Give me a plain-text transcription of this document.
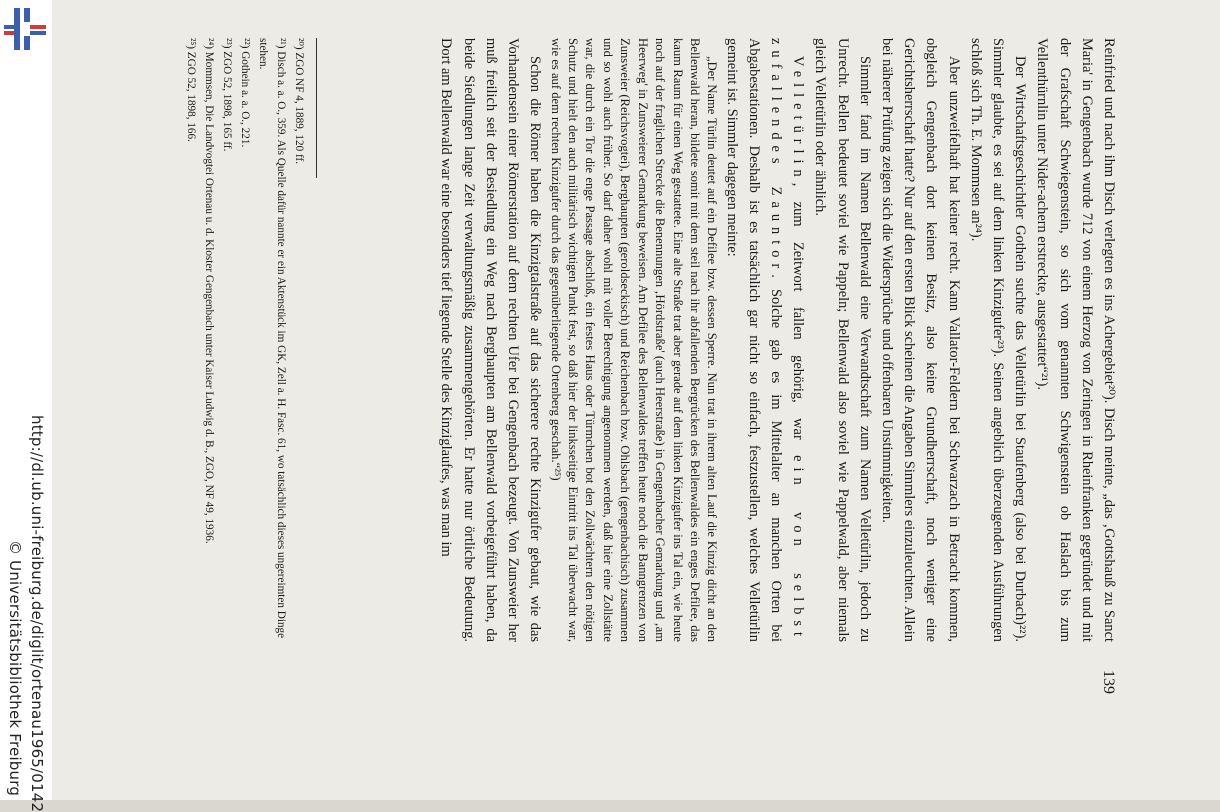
http://dl.ub.uni-freiburg.de/diglit/ortenau1965/0142
© Universitätsbibliothek Freiburg

Reinfried und nach ihm Disch verlegten es ins Achergebiet²⁰). Disch meinte, „das ‚Gottshauß zu Sanct Maria' in Gengenbach wurde 712 von einem Herzog von Zeringen in Rheinfranken gegründet und mit der Grafschaft Schwiegenstein, so sich vom genannten Schwigenstein ob Haslach bis zum Vellenthürnlin unter Nider-achern erstreckte, ausgestattet“²¹).

Der Wirtschaftsgeschichtler Gothein suchte das Velletürlin bei Staufenberg (also bei Durbach)²²). Simmler glaubte, es sei auf dem linken Kinzigufer²³). Seinen angeblich überzeugenden Ausführungen schloß sich Th. E. Mommsen an²⁴).

Aber unzweifelhaft hat keiner recht. Kann Vallator-Feldern bei Schwarzach in Betracht kommen, obgleich Gengenbach dort keinen Besitz, also keine Grundherrschaft, noch weniger eine Gerichtsherrschaft hatte? Nur auf den ersten Blick scheinen die Angaben Simmlers einzuleuchten. Allein bei näherer Prüfung zeigen sich die Widersprüche und offenbaren Unstimmigkeiten.

Simmler fand im Namen Bellenwald eine Verwandtschaft zum Namen Velletürlin, jedoch zu Unrecht. Bellen bedeutet soviel wie Pappeln; Bellenwald also soviel wie Pappelwald, aber niemals gleich Velletürlin oder ähnlich.

Velletürlin, zum Zeitwort fallen gehörig, war ein von selbst zufallendes Zauntor. Solche gab es im Mittelalter an manchen Orten bei Abgabestationen. Deshalb ist es tatsächlich gar nicht so einfach, festzustellen, welches Velletürlin gemeint ist. Simmler dagegen meinte:

„Der Name Türlin deutet auf ein Defilee bzw. dessen Sperre. Nun trat in ihrem alten Lauf die Kinzig dicht an den Bellenwald heran, bildete somit mit dem steil nach ihr abfallenden Bergrücken des Bellenwaldes ein enges Defilee, das kaum Raum für einen Weg gestattete. Eine alte Straße trat aber gerade auf dem linken Kinzigufer ins Tal ein, wie heute noch auf der fraglichen Strecke die Benennungen ‚Hördstraße' (auch Heerstraße) in Gengenbacher Gemarkung und ‚am Heerweg' in Zunsweierer Gemarkung beweisen. Am Defilee des Bellenwaldes treffen heute noch die Banngrenzen von Zunsweier (Reichsvogtei), Berghaupten (geroldseckisch) und Reichenbach bzw. Ohlsbach (gengenbachisch) zusammen und so wohl auch früher. So darf daher wohl mit voller Berechtigung angenommen werden, daß hier eine Zollstätte war, die durch ein Tor die enge Passage abschloß, ein festes Haus oder Türmchen bot den Zollwächtern den nötigen Schutz und hielt den auch militärisch wichtigen Punkt fest, so daß hier der linksseitige Eintritt ins Tal überwacht war, wie es auf dem rechten Kinzigufer durch das gegenüberliegende Ortenberg geschah.“²⁵)

Schon die Römer haben die Kinzigtalstraße auf das sicherere rechte Kinzigufer gebaut, wie das Vorhandensein einer Römerstation auf dem rechten Ufer bei Gengenbach bezeugt. Von Zunsweier her muß freilich seit der Besiedlung ein Weg nach Berghaupten am Bellenwald vorbeigeführt haben, da beide Siedlungen lange Zeit verwaltungsmäßig zusammengehörten. Er hatte nur örtliche Bedeutung. Dort am Bellenwald war eine besonders tief liegende Stelle des Kinziglaufes, was man im

139
²⁰) ZGO NF 4, 1889, 120 ff.
²¹) Disch a. a. O., 359. Als Quelle dafür nannte er ein Aktenstück im GK, Zell a. H. Fasc. 61, wo tatsächlich dieses ungereimten Dinge stehen.
²²) Gothein a. a. O., 221.
²³) ZGO 52, 1898, 165 ff.
²⁴) Mommsen, Die Landvogtei Ortenau u. d. Kloster Gengenbach unter Kaiser Ludwig d. B., ZGO, NF 49, 1936.
²⁵) ZGO 52, 1898, 166.
